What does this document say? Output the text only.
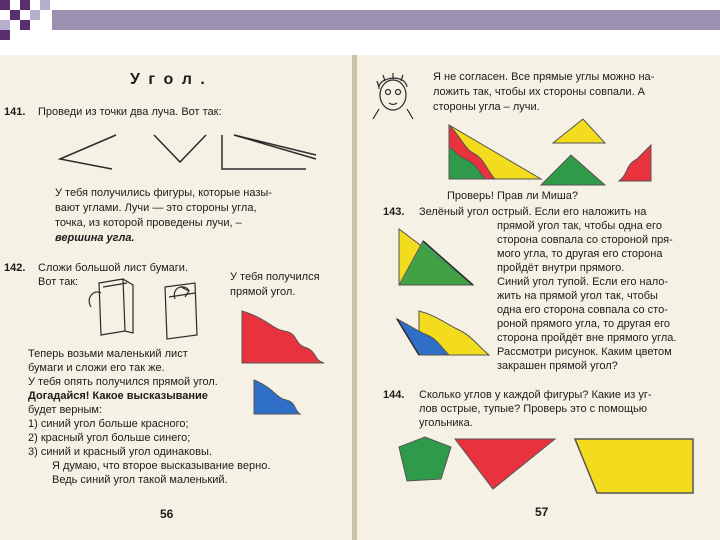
У г о л .
141. Проведи из точки два луча. Вот так:
У тебя получились фигуры, которые назы-
вают углами. Лучи — это стороны угла,
точка, из которой проведены лучи, –
вершина угла.
142. Сложи большой лист бумаги.
Вот так:	У тебя получился
прямой угол.
Теперь возьми маленький лист
бумаги и сложи его так же.
У тебя опять получился прямой угол.
Догадайся! Какое высказывание
будет верным:
1) синий угол больше красного;
2) красный угол больше синего;
3) синий и красный угол одинаковы.
Я думаю, что второе высказывание верно.
Ведь синий угол такой маленький.
56
Я не согласен. Все прямые углы можно на-
ложить так, чтобы их стороны совпали. А
стороны угла – лучи.
Проверь! Прав ли Миша?
143. Зелёный угол острый. Если его наложить на
прямой угол так, чтобы одна его
сторона совпала со стороной пря-
мого угла, то другая его сторона
пройдёт внутри прямого.
Синий угол тупой. Если его нало-
жить на прямой угол так, чтобы
одна его сторона совпала со сто-
роной прямого угла, то другая его
сторона пройдёт вне прямого угла.
Рассмотри рисунок. Каким цветом
закрашен прямой угол?
144. Сколько углов у каждой фигуры? Какие из уг-
лов острые, тупые? Проверь это с помощью
угольника.
57
